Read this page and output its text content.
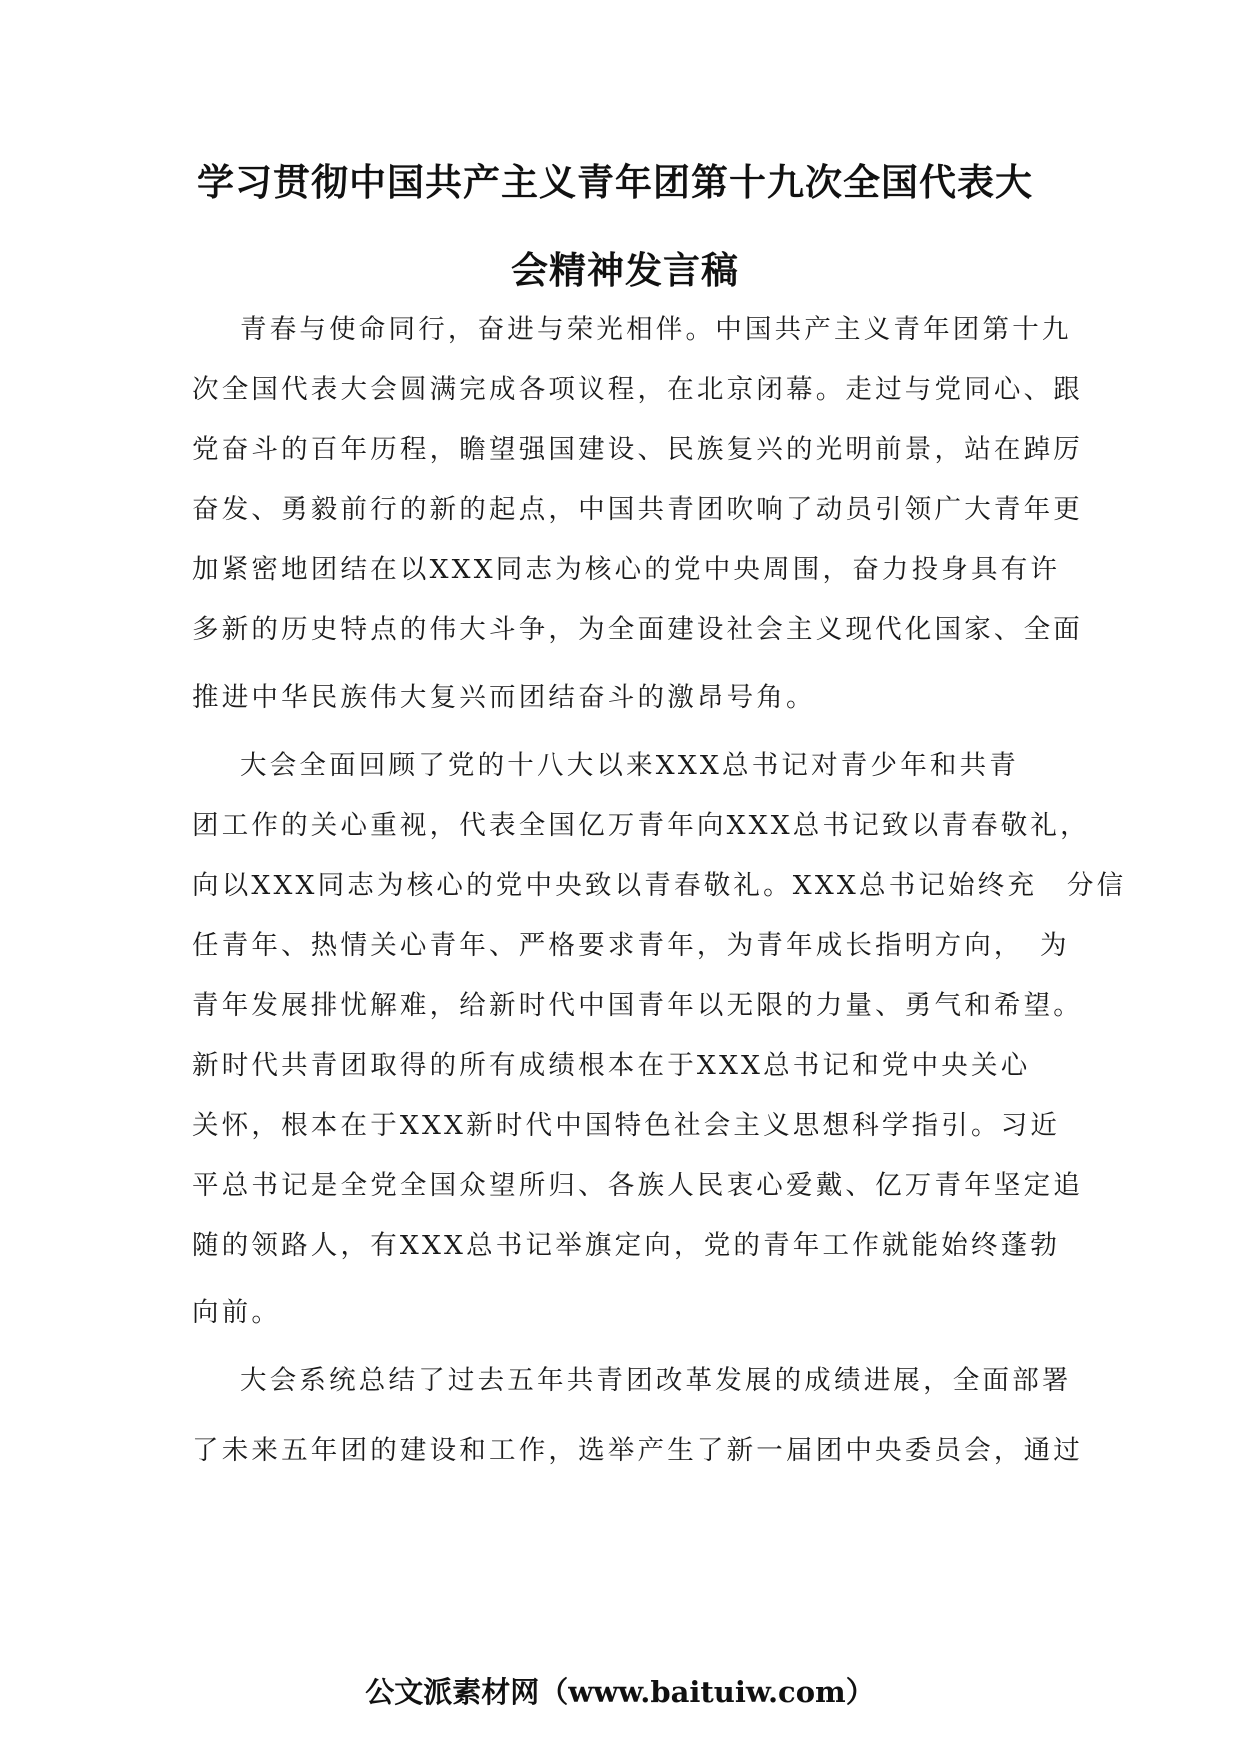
学习贯彻中国共产主义青年团第十九次全国代表大
会精神发言稿
青春与使命同行，奋进与荣光相伴。中国共产主义青年团第十九
次全国代表大会圆满完成各项议程，在北京闭幕。走过与党同心、跟
党奋斗的百年历程，瞻望强国建设、民族复兴的光明前景，站在踔厉
奋发、勇毅前行的新的起点，中国共青团吹响了动员引领广大青年更
加紧密地团结在以XXX同志为核心的党中央周围，奋力投身具有许
多新的历史特点的伟大斗争，为全面建设社会主义现代化国家、全面
推进中华民族伟大复兴而团结奋斗的激昂号角。
大会全面回顾了党的十八大以来XXX总书记对青少年和共青
团工作的关心重视，代表全国亿万青年向XXX总书记致以青春敬礼，
向以XXX同志为核心的党中央致以青春敬礼。XXX总书记始终充　分信
任青年、热情关心青年、严格要求青年，为青年成长指明方向，　为
青年发展排忧解难，给新时代中国青年以无限的力量、勇气和希望。
新时代共青团取得的所有成绩根本在于XXX总书记和党中央关心
关怀，根本在于XXX新时代中国特色社会主义思想科学指引。习近
平总书记是全党全国众望所归、各族人民衷心爱戴、亿万青年坚定追
随的领路人，有XXX总书记举旗定向，党的青年工作就能始终蓬勃
向前。
大会系统总结了过去五年共青团改革发展的成绩进展，全面部署
了未来五年团的建设和工作，选举产生了新一届团中央委员会，通过
公文派素材网（www.baituiw.com）
